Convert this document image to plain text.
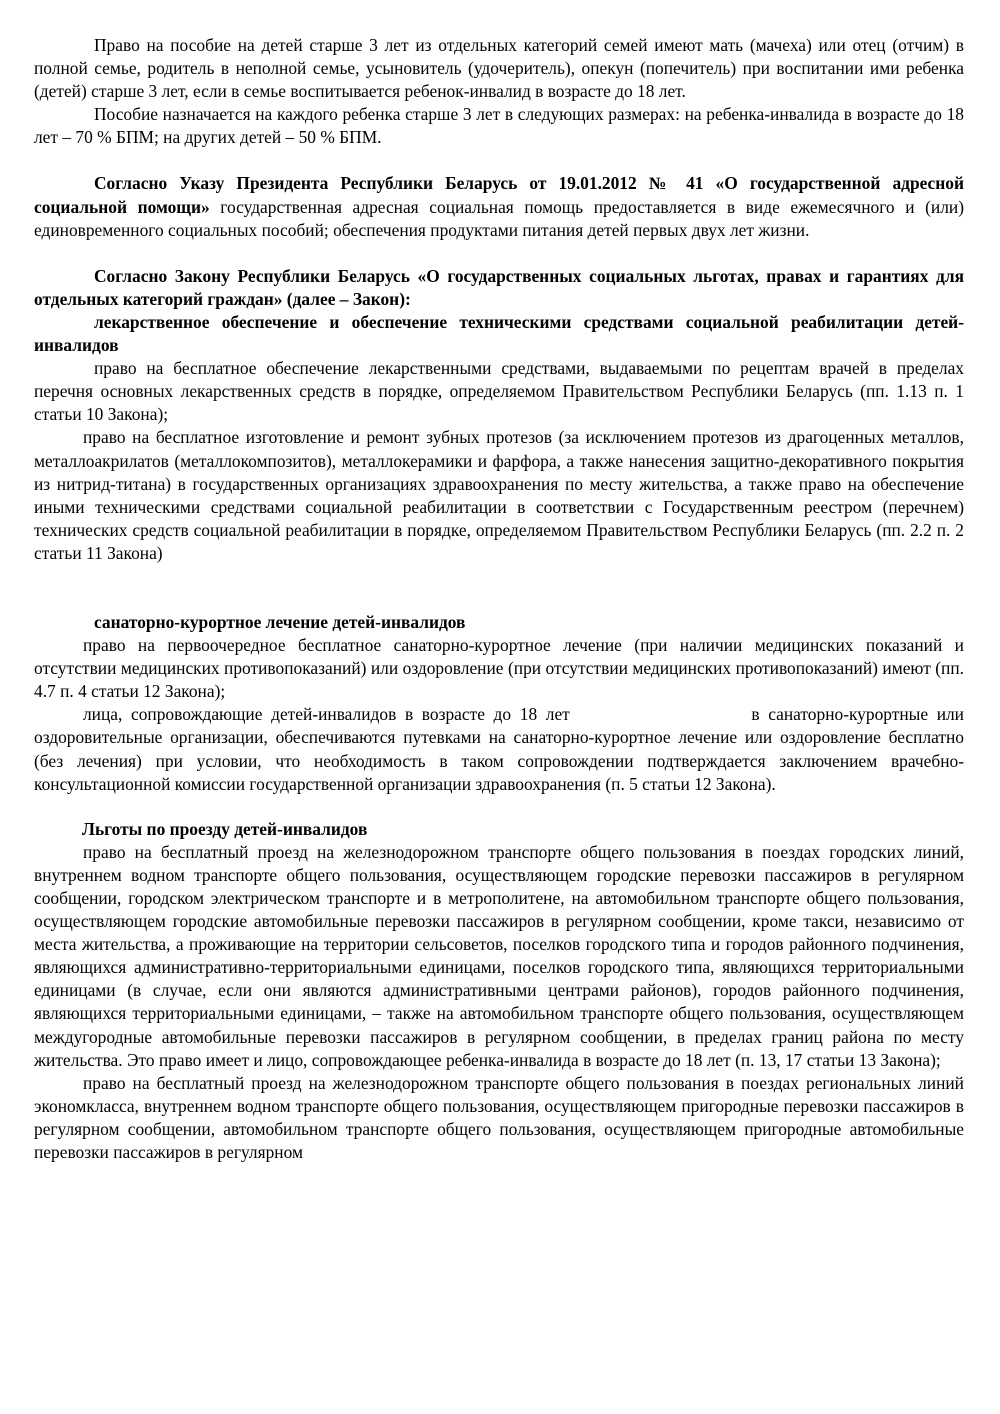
Право на пособие на детей старше 3 лет из отдельных категорий семей имеют мать (мачеха) или отец (отчим) в полной семье, родитель в неполной семье, усыновитель (удочеритель), опекун (попечитель) при воспитании ими ребенка (детей) старше 3 лет, если в семье воспитывается ребенок-инвалид в возрасте до 18 лет.

Пособие назначается на каждого ребенка старше 3 лет в следующих размерах: на ребенка-инвалида в возрасте до 18 лет – 70 % БПМ; на других детей – 50 % БПМ.

Согласно Указу Президента Республики Беларусь от 19.01.2012 № 41 «О государственной адресной социальной помощи» государственная адресная социальная помощь предоставляется в виде ежемесячного и (или) единовременного социальных пособий; обеспечения продуктами питания детей первых двух лет жизни.

Согласно Закону Республики Беларусь «О государственных социальных льготах, правах и гарантиях для отдельных категорий граждан» (далее – Закон):

лекарственное обеспечение и обеспечение техническими средствами социальной реабилитации детей-инвалидов

право на бесплатное обеспечение лекарственными средствами, выдаваемыми по рецептам врачей в пределах перечня основных лекарственных средств в порядке, определяемом Правительством Республики Беларусь (пп. 1.13 п. 1 статьи 10 Закона);

право на бесплатное изготовление и ремонт зубных протезов (за исключением протезов из драгоценных металлов, металлоакрилатов (металлокомпозитов), металлокерамики и фарфора, а также нанесения защитно-декоративного покрытия из нитрид-титана) в государственных организациях здравоохранения по месту жительства, а также право на обеспечение иными техническими средствами социальной реабилитации в соответствии с Государственным реестром (перечнем) технических средств социальной реабилитации в порядке, определяемом Правительством Республики Беларусь (пп. 2.2 п. 2 статьи 11 Закона)

санаторно-курортное лечение детей-инвалидов

право на первоочередное бесплатное санаторно-курортное лечение (при наличии медицинских показаний и отсутствии медицинских противопоказаний) или оздоровление (при отсутствии медицинских противопоказаний) имеют (пп. 4.7 п. 4 статьи 12 Закона);

лица, сопровождающие детей-инвалидов в возрасте до 18 лет                     в санаторно-курортные или оздоровительные организации, обеспечиваются путевками на санаторно-курортное лечение или оздоровление бесплатно (без лечения) при условии, что необходимость в таком сопровождении подтверждается заключением врачебно-консультационной комиссии государственной организации здравоохранения (п. 5 статьи 12 Закона).

Льготы по проезду детей-инвалидов

право на бесплатный проезд на железнодорожном транспорте общего пользования в поездах городских линий, внутреннем водном транспорте общего пользования, осуществляющем городские перевозки пассажиров в регулярном сообщении, городском электрическом транспорте и в метрополитене, на автомобильном транспорте общего пользования, осуществляющем городские автомобильные перевозки пассажиров в регулярном сообщении, кроме такси, независимо от места жительства, а проживающие на территории сельсоветов, поселков городского типа и городов районного подчинения, являющихся административно-территориальными единицами, поселков городского типа, являющихся территориальными единицами (в случае, если они являются административными центрами районов), городов районного подчинения, являющихся территориальными единицами, – также на автомобильном транспорте общего пользования, осуществляющем междугородные автомобильные перевозки пассажиров в регулярном сообщении, в пределах границ района по месту жительства. Это право имеет и лицо, сопровождающее ребенка-инвалида в возрасте до 18 лет (п. 13, 17 статьи 13 Закона);

право на бесплатный проезд на железнодорожном транспорте общего пользования в поездах региональных линий экономкласса, внутреннем водном транспорте общего пользования, осуществляющем пригородные перевозки пассажиров в регулярном сообщении, автомобильном транспорте общего пользования, осуществляющем пригородные автомобильные перевозки пассажиров в регулярном
